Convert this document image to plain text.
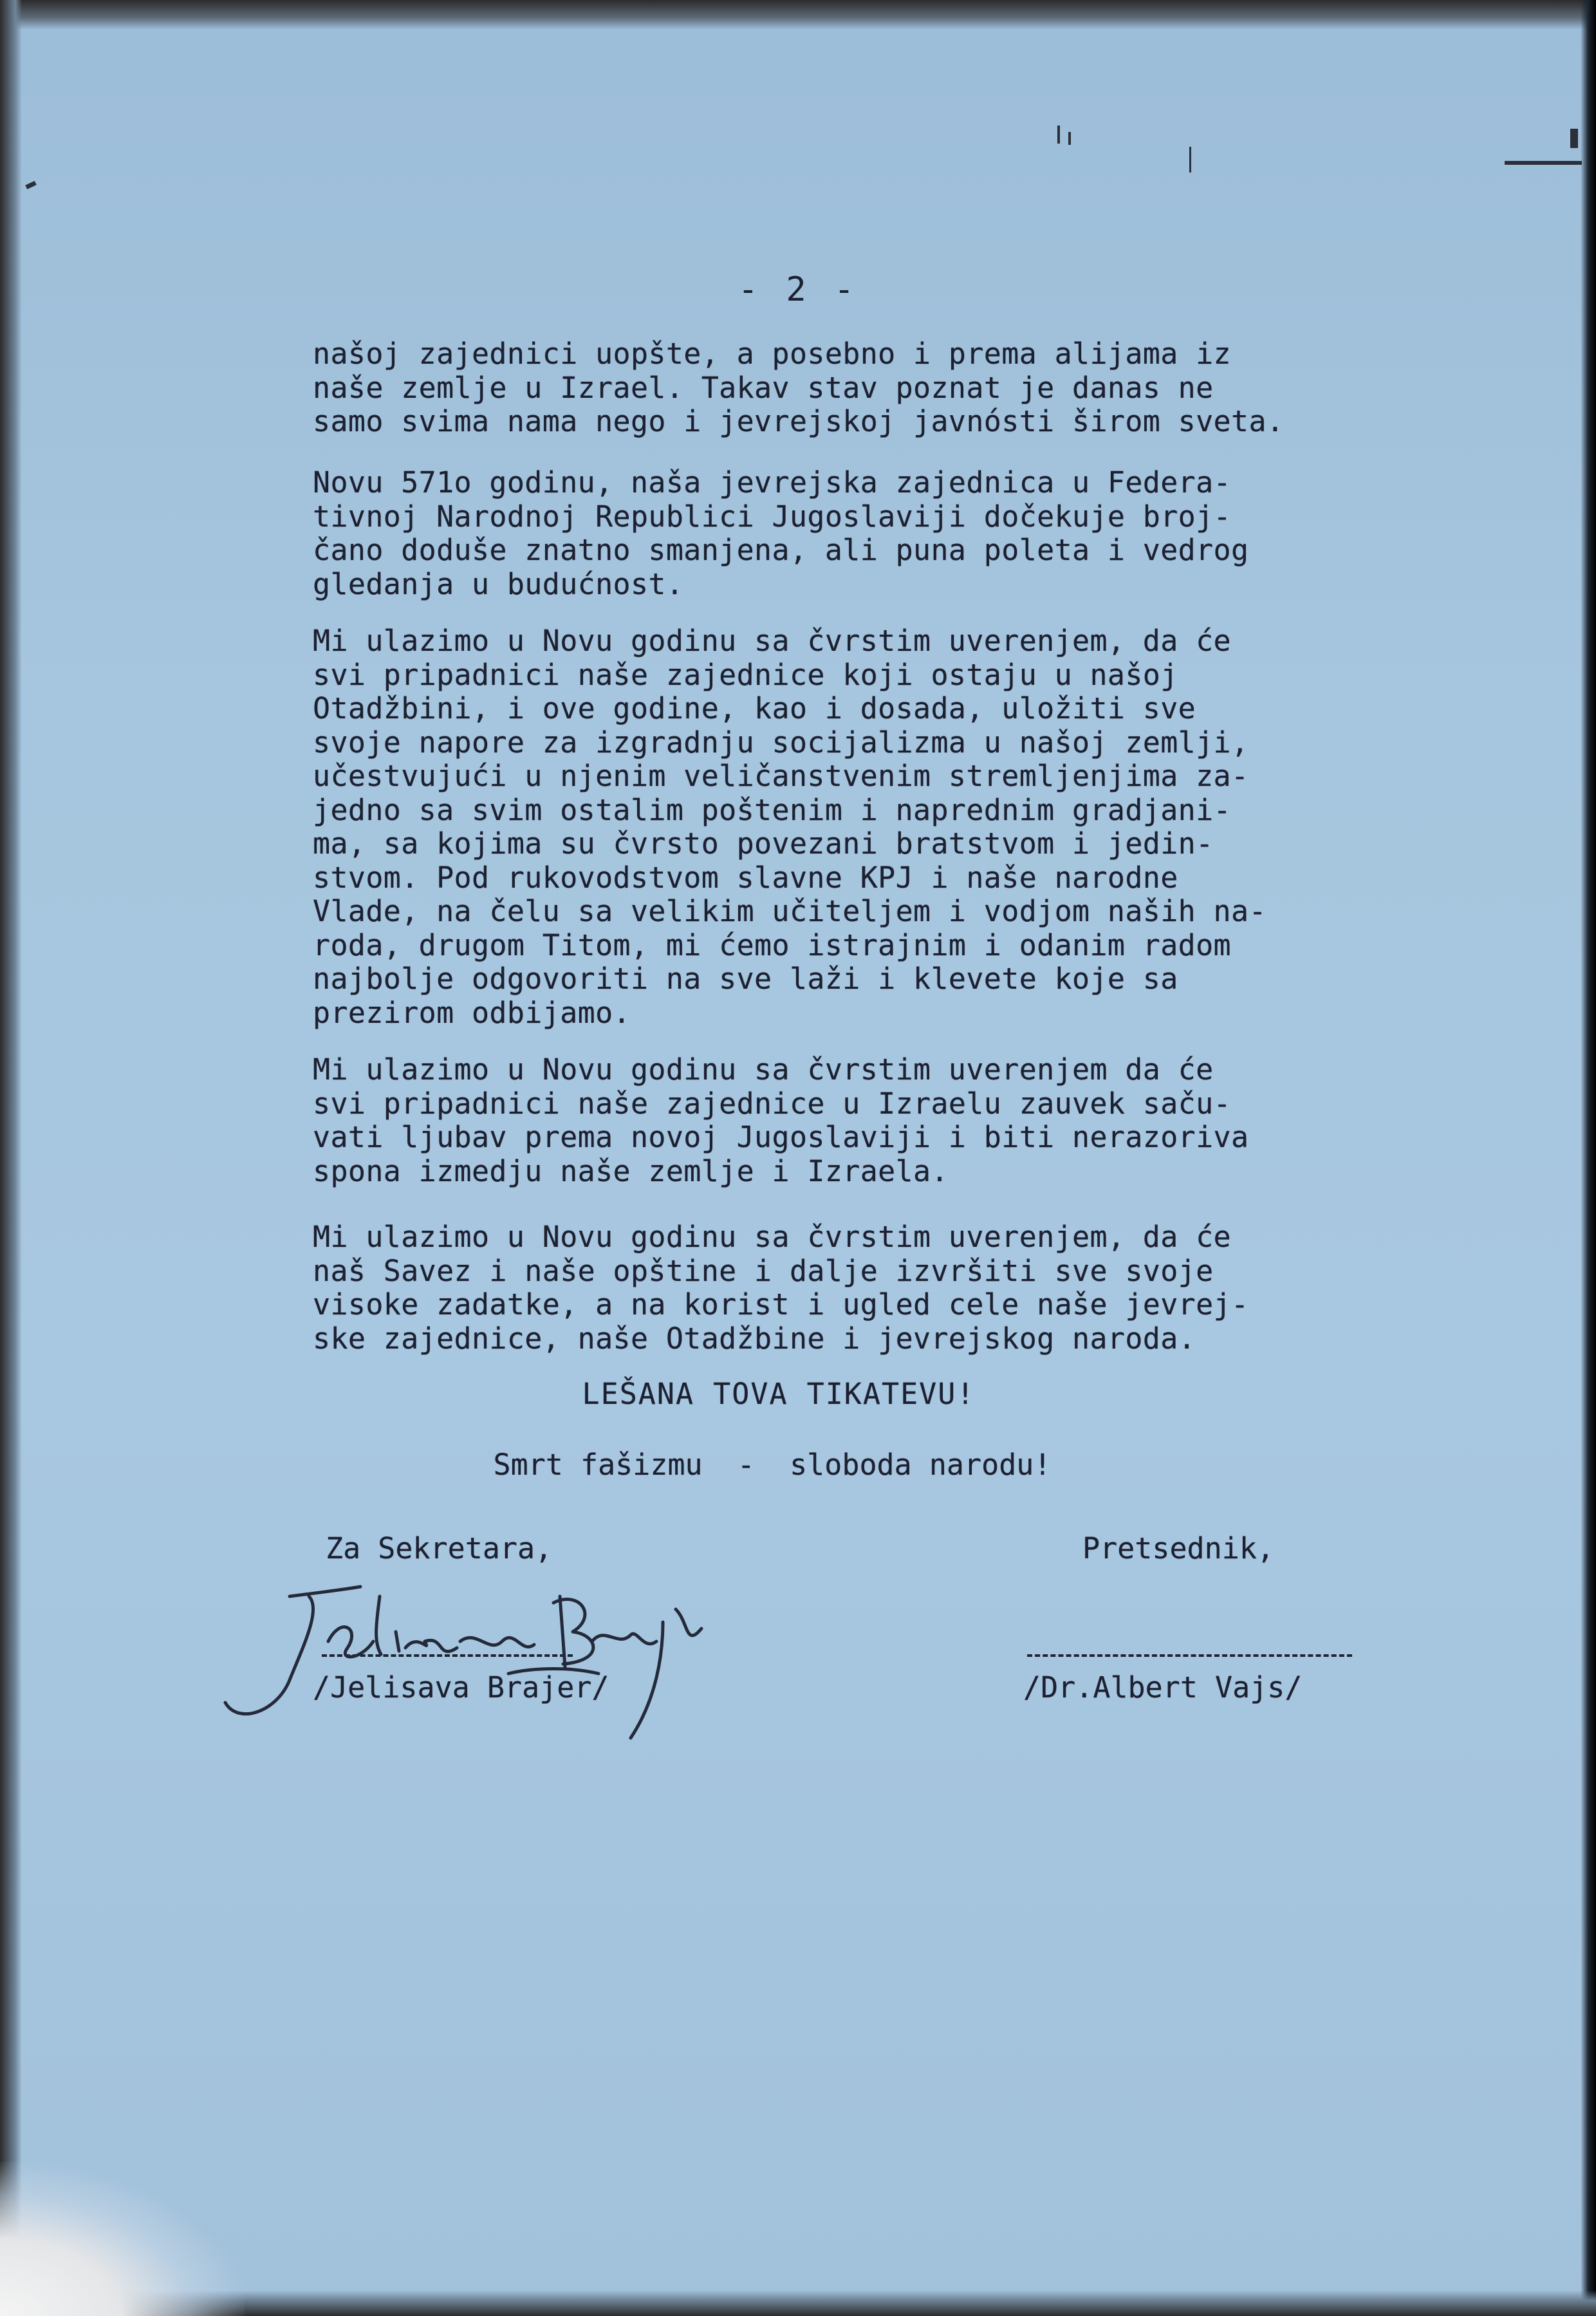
- 2 -
našoj zajednici uopšte, a posebno i prema alijama iz
naše zemlje u Izrael. Takav stav poznat je danas ne
samo svima nama nego i jevrejskoj javnósti širom sveta.
Novu 571o godinu, naša jevrejska zajednica u Federa-
tivnoj Narodnoj Republici Jugoslaviji dočekuje broj-
čano doduše znatno smanjena, ali puna poleta i vedrog
gledanja u budućnost.
Mi ulazimo u Novu godinu sa čvrstim uverenjem, da će
svi pripadnici naše zajednice koji ostaju u našoj
Otadžbini, i ove godine, kao i dosada, uložiti sve
svoje napore za izgradnju socijalizma u našoj zemlji,
učestvujući u njenim veličanstvenim stremljenjima za-
jedno sa svim ostalim poštenim i naprednim gradjani-
ma, sa kojima su čvrsto povezani bratstvom i jedin-
stvom. Pod rukovodstvom slavne KPJ i naše narodne
Vlade, na čelu sa velikim učiteljem i vodjom naših na-
roda, drugom Titom, mi ćemo istrajnim i odanim radom
najbolje odgovoriti na sve laži i klevete koje sa
prezirom odbijamo.
Mi ulazimo u Novu godinu sa čvrstim uverenjem da će
svi pripadnici naše zajednice u Izraelu zauvek saču-
vati ljubav prema novoj Jugoslaviji i biti nerazoriva
spona izmedju naše zemlje i Izraela.
Mi ulazimo u Novu godinu sa čvrstim uverenjem, da će
naš Savez i naše opštine i dalje izvršiti sve svoje
visoke zadatke, a na korist i ugled cele naše jevrej-
ske zajednice, naše Otadžbine i jevrejskog naroda.
LEŠANA TOVA TIKATEVU!
Smrt fašizmu  -  sloboda narodu!
Za Sekretara,	Pretsednik,
/Jelisava Brajer/	/Dr.Albert Vajs/
